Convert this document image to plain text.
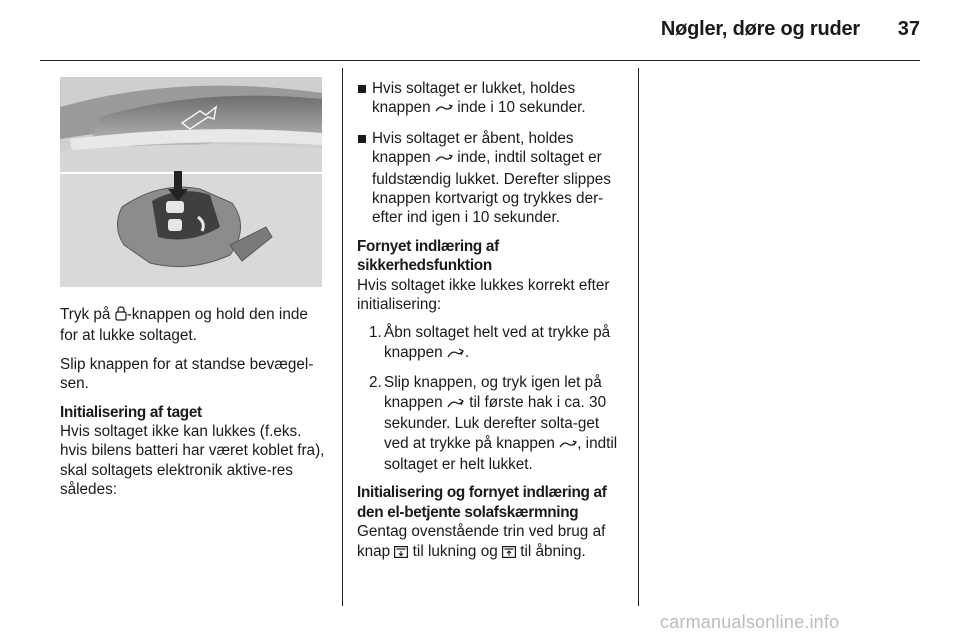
Nøgler, døre og ruder	37

Tryk på -knappen og hold den inde for at lukke soltaget.

Slip knappen for at standse bevægel-sen.

Initialisering af taget

Hvis soltaget ikke kan lukkes (f.eks. hvis bilens batteri har været koblet fra), skal soltagets elektronik aktive-res således:

Hvis soltaget er lukket, holdes knappen  inde i 10 sekunder.
Hvis soltaget er åbent, holdes knappen  inde, indtil soltaget er fuldstændig lukket. Derefter slippes knappen kortvarigt og trykkes der-efter ind igen i 10 sekunder.

Fornyet indlæring af sikkerhedsfunktion

Hvis soltaget ikke lukkes korrekt efter initialisering:

1. Åbn soltaget helt ved at trykke på knappen .
2. Slip knappen, og tryk igen let på knappen  til første hak i ca. 30 sekunder. Luk derefter solta-get ved at trykke på knappen , indtil soltaget er helt lukket.

Initialisering og fornyet indlæring af den el-betjente solafskærmning

Gentag ovenstående trin ved brug af knap  til lukning og  til åbning.

carmanualsonline.info
